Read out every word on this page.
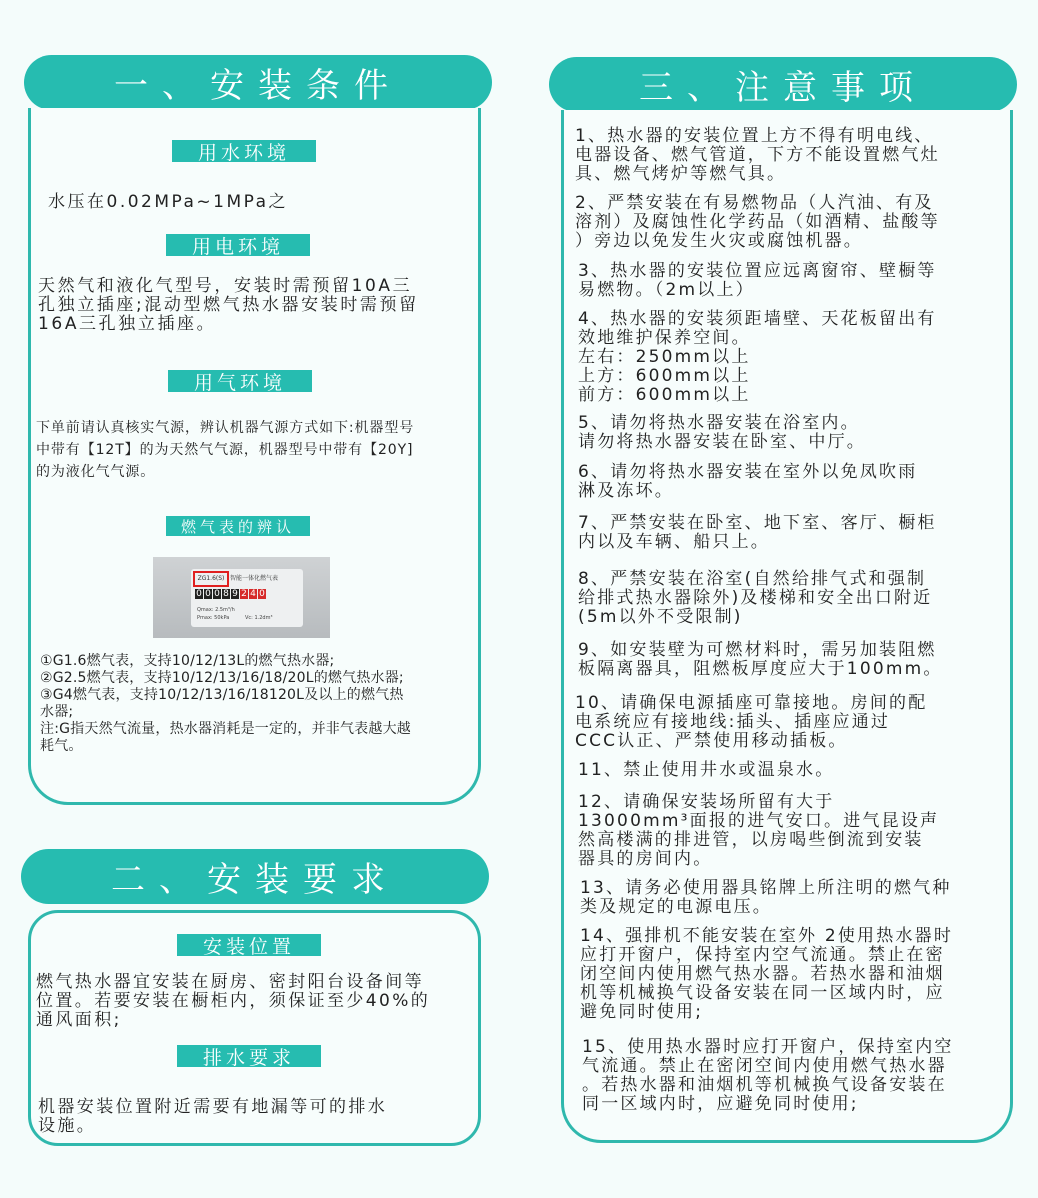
一、安装条件
用水环境
水压在0.02MPa~1MPa之
用电环境
天然气和液化气型号，安装时需预留10A三
孔独立插座;混动型燃气热水器安装时需预留
16A三孔独立插座。
用气环境
下单前请认真核实气源，辨认机器气源方式如下:机器型号
中带有【12T】的为天然气气源，机器型号中带有【20Y]
的为液化气气源。
燃气表的辨认
ZG1.6(S) 智能一体化燃气表
0 0 0 8 9 2 4 0
Qmax: 2.5m³/h
Pmax: 50kPa	Vc: 1.2dm³
①G1.6燃气表，支持10/12/13L的燃气热水器;
②G2.5燃气表，支持10/12/13/16/18/20L的燃气热水器;
③G4燃气表，支持10/12/13/16/18120L及以上的燃气热
水器;
注:G指天然气流量，热水器消耗是一定的，并非气表越大越
耗气。
二、安装要求
安装位置
燃气热水器宜安装在厨房、密封阳台设备间等
位置。若要安装在橱柜内，须保证至少40%的
通风面积;
排水要求
机器安装位置附近需要有地漏等可的排水
设施。
三、注意事项
1、热水器的安装位置上方不得有明电线、
电器设备、燃气管道，下方不能设置燃气灶
具、燃气烤炉等燃气具。
2、严禁安装在有易燃物品（人汽油、有及
溶剂）及腐蚀性化学药品（如酒精、盐酸等
）旁边以免发生火灾或腐蚀机器。
3、热水器的安装位置应远离窗帘、壁橱等
易燃物。（2m以上）
4、热水器的安装须距墙壁、天花板留出有
效地维护保养空间。
左右：250mm以上
上方：600mm以上
前方：600mm以上
5、请勿将热水器安装在浴室内。
请勿将热水器安装在卧室、中厅。
6、请勿将热水器安装在室外以免凤吹雨
淋及冻坏。
7、严禁安装在卧室、地下室、客厅、橱柜
内以及车辆、船只上。
8、严禁安装在浴室(自然给排气式和强制
给排式热水器除外)及楼梯和安全出口附近
(5m以外不受限制)
9、如安装壁为可燃材料时，需另加装阻燃
板隔离器具，阻燃板厚度应大于100mm。
10、请确保电源插座可靠接地。房间的配
电系统应有接地线:插头、插座应通过
CCC认正、严禁使用移动插板。
11、禁止使用井水或温泉水。
12、请确保安装场所留有大于
13000mm³面报的进气安口。进气昆设声
然高楼满的排进管，以房喝些倒流到安装
器具的房间内。
13、请务必使用器具铭牌上所注明的燃气种
类及规定的电源电压。
14、强排机不能安装在室外 2使用热水器时
应打开窗户，保持室内空气流通。禁止在密
闭空间内使用燃气热水器。若热水器和油烟
机等机械换气设备安装在同一区域内时，应
避免同时使用;
15、使用热水器时应打开窗户，保持室内空
气流通。禁止在密闭空间内使用燃气热水器
。若热水器和油烟机等机械换气设备安装在
同一区域内时，应避免同时使用;
